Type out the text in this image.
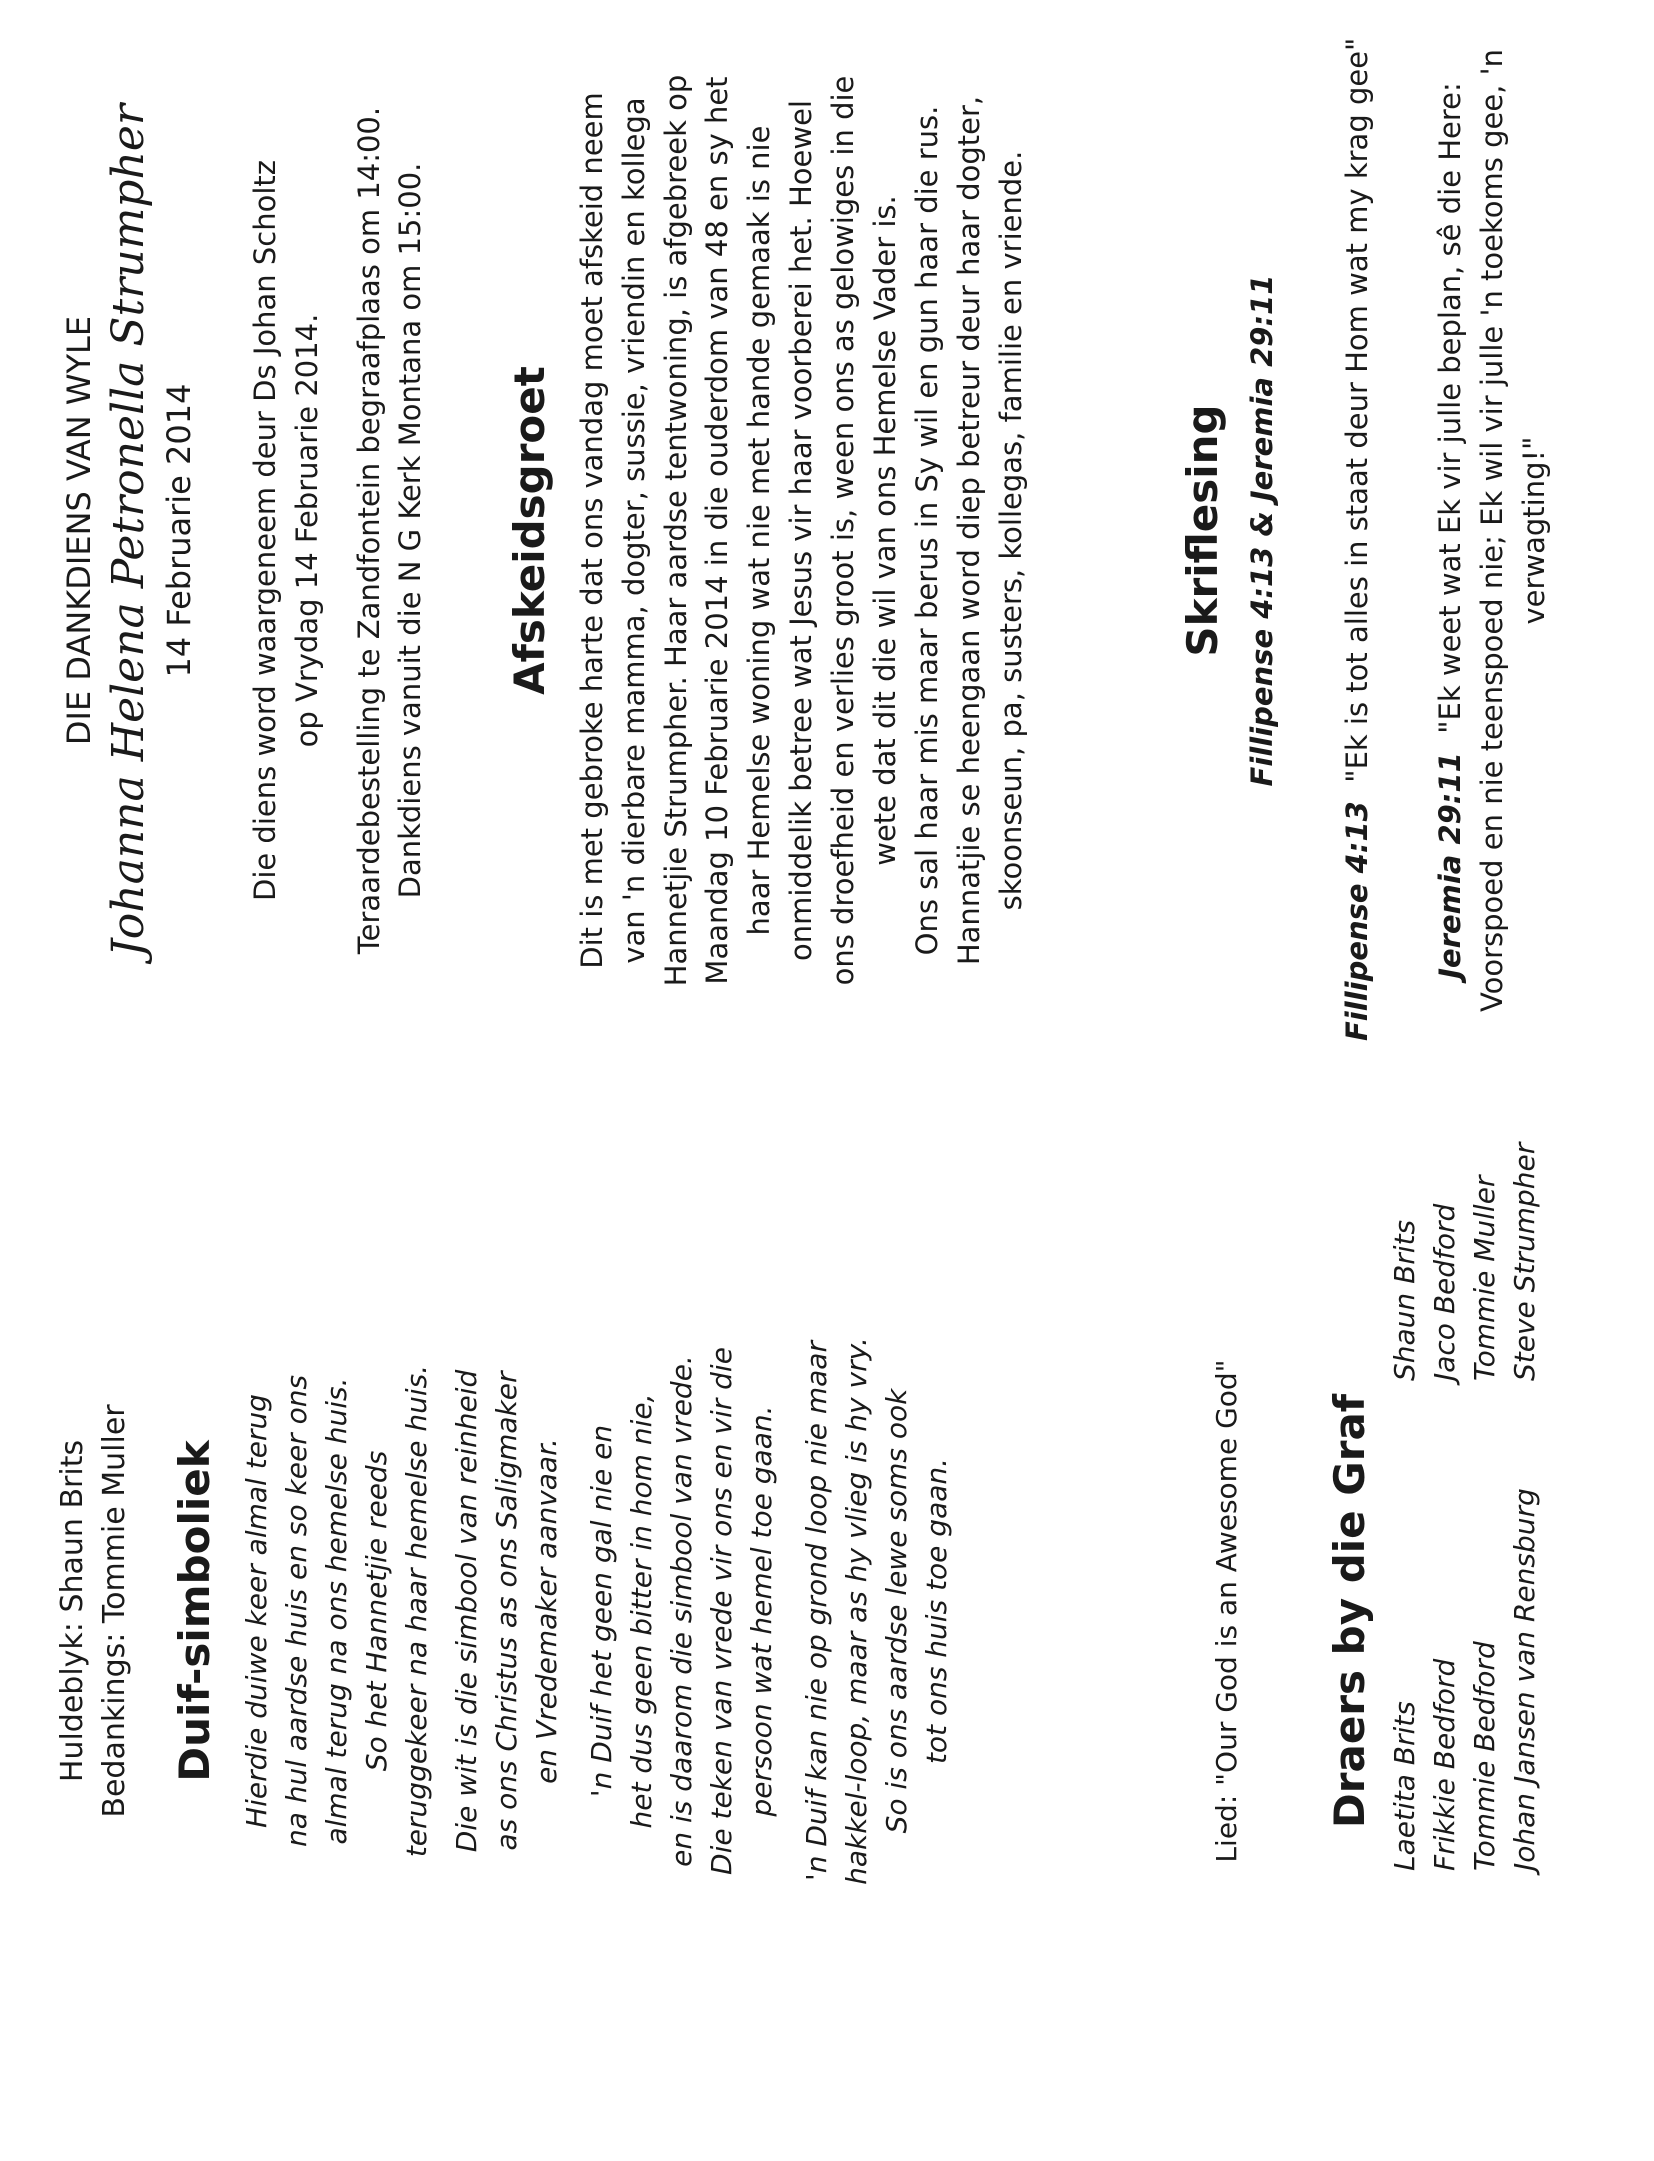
DIE DANKDIENS VAN WYLE Johanna Helena Petronella Strumpher 14 Februarie 2014 Die diens word waargeneem deur Ds Johan Scholtz op Vrydag 14 Februarie 2014. Teraardebestelling te Zandfontein begraafplaas om 14:00. Dankdiens vanuit die N G Kerk Montana om 15:00. Afskeidsgroet Dit is met gebroke harte dat ons vandag moet afskeid neem van 'n dierbare mamma, dogter, sussie, vriendin en kollega Hannetjie Strumpher. Haar aardse tentwoning, is afgebreek op Maandag 10 Februarie 2014 in die ouderdom van 48 en sy het haar Hemelse woning wat nie met hande gemaak is nie onmiddelik betree wat Jesus vir haar voorberei het. Hoewel ons droefheid en verlies groot is, ween ons as gelowiges in die wete dat dit die wil van ons Hemelse Vader is. Ons sal haar mis maar berus in Sy wil en gun haar die rus. Hannatjie se heengaan word diep betreur deur haar dogter, skoonseun, pa, susters, kollegas, familie en vriende.	Skriflesing Fillipense 4:13 & Jeremia 29:11
Fillipense 4:13  "Ek is tot alles in staat deur Hom wat my krag gee"
Jeremia 29:11  "Ek weet wat Ek vir julle beplan, sê die Here: Voorspoed en nie teenspoed nie; Ek wil vir julle 'n toekoms gee, 'n verwagting!"
Huldeblyk: Shaun Brits Bedankings: Tommie Muller Duif-simboliek Hierdie duiwe keer almal terug na hul aardse huis en so keer ons almal terug na ons hemelse huis. So het Hannetjie reeds teruggekeer na haar hemelse huis. Die wit is die simbool van reinheid as ons Christus as ons Saligmaker en Vredemaker aanvaar. 'n Duif het geen gal nie en het dus geen bitter in hom nie, en is daarom die simbool van vrede. Die teken van vrede vir ons en vir die persoon wat hemel toe gaan. 'n Duif kan nie op grond loop nie maar hakkel-loop, maar as hy vlieg is hy vry. So is ons aardse lewe soms ook tot ons huis toe gaan.	Lied: "Our God is an Awesome God" Draers by die Graf Laetita Brits Frikkie Bedford Tommie Bedford Johan Jansen van Rensburg
Shaun Brits Jaco Bedford Tommie Muller Steve Strumpher
